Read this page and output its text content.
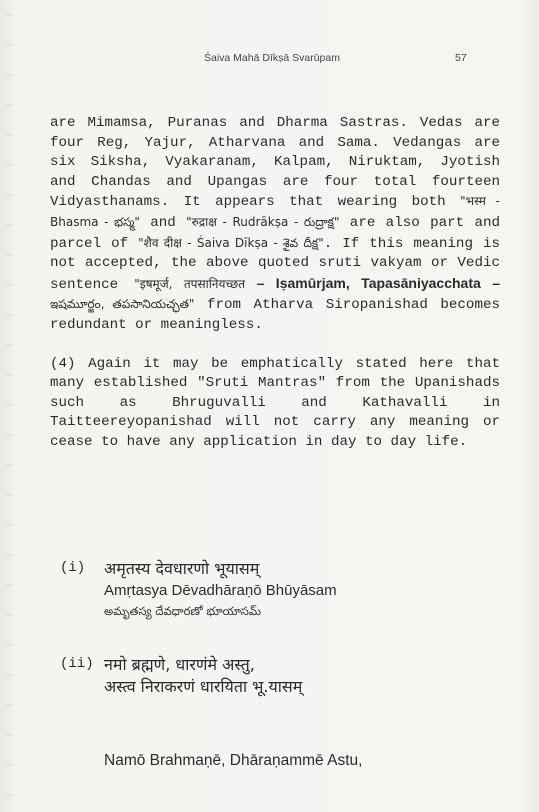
Śaiva Mahā Dīkṣā Svarūpam	57

are Mimamsa, Puranas and Dharma Sastras. Vedas are four Reg, Yajur, Atharvana and Sama. Vedangas are six Siksha, Vyakaranam, Kalpam, Niruktam, Jyotish and Chandas and Upangas are four total fourteen Vidyasthanams. It appears that wearing both "भस्म - Bhasma - భస్మ" and "रुद्राक्ष - Rudrākṣa - రుద్రాక్ష" are also part and parcel of "शैव दीक्ष - Śaiva Dīkṣa - శైవ దీక్ష". If this meaning is not accepted, the above quoted sruti vakyam or Vedic sentence "इषमूर्ज, तपसानियच्छत – Iṣamūrjam, Tapasāniyacchata – ఇషమూర్జం, తపసానియచ్ఛత" from Atharva Siropanishad becomes redundant or meaningless.

(4) Again it may be emphatically stated here that many established "Sruti Mantras" from the Upanishads such as Bhruguvalli and Kathavalli in Taitteereyopanishad will not carry any meaning or cease to have any application in day to day life.

(i) अमृतस्य देवधारणो भूयासम्
Amṛtasya Dēvadhāraṇō Bhūyāsam
అమృతస్య దేవధారణో భూయాసమ్
(ii) नमो ब्रह्मणे, धारणंमे अस्तु,
अस्त्व निराकरणं धारयिता भू.यासम्
Namō Brahmaṇē, Dhāraṇammē Astu,
